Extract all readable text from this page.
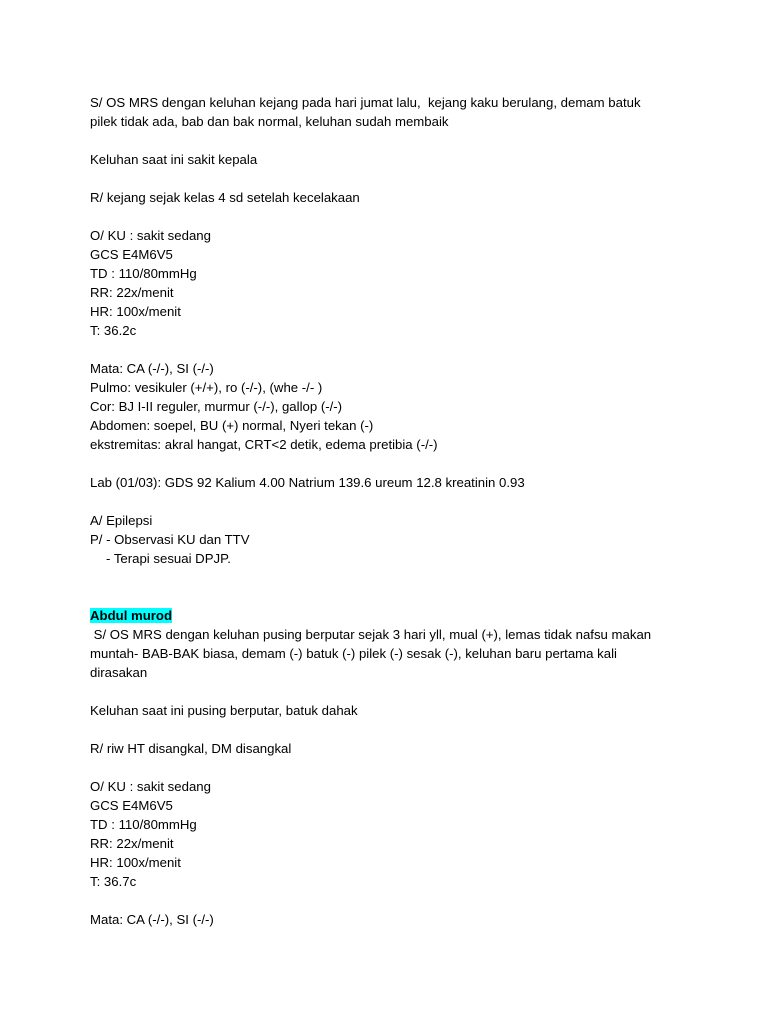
S/ OS MRS dengan keluhan kejang pada hari jumat lalu,  kejang kaku berulang, demam batuk
pilek tidak ada, bab dan bak normal, keluhan sudah membaik
Keluhan saat ini sakit kepala
R/ kejang sejak kelas 4 sd setelah kecelakaan
O/ KU : sakit sedang
GCS E4M6V5
TD : 110/80mmHg
RR: 22x/menit
HR: 100x/menit
T: 36.2c
Mata: CA (-/-), SI (-/-)
Pulmo: vesikuler (+/+), ro (-/-), (whe -/- )
Cor: BJ I-II reguler, murmur (-/-), gallop (-/-)
Abdomen: soepel, BU (+) normal, Nyeri tekan (-)
ekstremitas: akral hangat, CRT<2 detik, edema pretibia (-/-)
Lab (01/03): GDS 92 Kalium 4.00 Natrium 139.6 ureum 12.8 kreatinin 0.93
A/ Epilepsi
P/ - Observasi KU dan TTV
- Terapi sesuai DPJP.
Abdul murod
S/ OS MRS dengan keluhan pusing berputar sejak 3 hari yll, mual (+), lemas tidak nafsu makan
muntah- BAB-BAK biasa, demam (-) batuk (-) pilek (-) sesak (-), keluhan baru pertama kali
dirasakan
Keluhan saat ini pusing berputar, batuk dahak
R/ riw HT disangkal, DM disangkal
O/ KU : sakit sedang
GCS E4M6V5
TD : 110/80mmHg
RR: 22x/menit
HR: 100x/menit
T: 36.7c
Mata: CA (-/-), SI (-/-)
